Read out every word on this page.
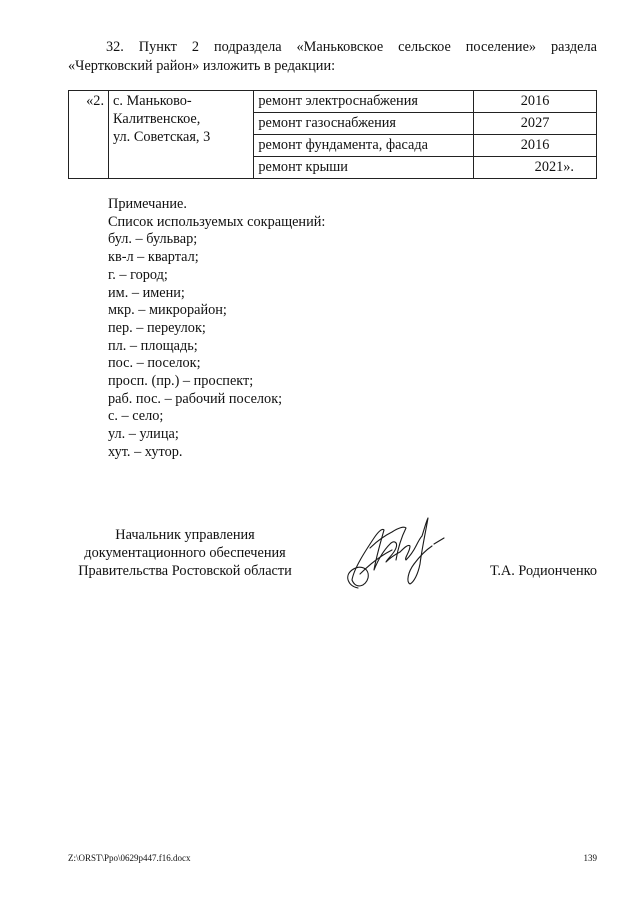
32. Пункт 2 подраздела «Маньковское сельское поселение» раздела «Чертковский район» изложить в редакции:
«2.	с. Маньково-
Калитвенское,
ул. Советская, 3	ремонт электроснабжения	2016
		ремонт газоснабжения	2027
		ремонт фундамента, фасада	2016
		ремонт крыши	2021».
Примечание.
Список используемых сокращений:
бул. – бульвар;
кв-л – квартал;
г. – город;
им. – имени;
мкр. – микрорайон;
пер. – переулок;
пл. – площадь;
пос. – поселок;
просп. (пр.) – проспект;
раб. пос. – рабочий поселок;
с. – село;
ул. – улица;
хут. – хутор.
Начальник управления
документационного обеспечения
Правительства Ростовской области	Т.А. Родионченко
Z:\ORST\Ppo\0629p447.f16.docx	139
